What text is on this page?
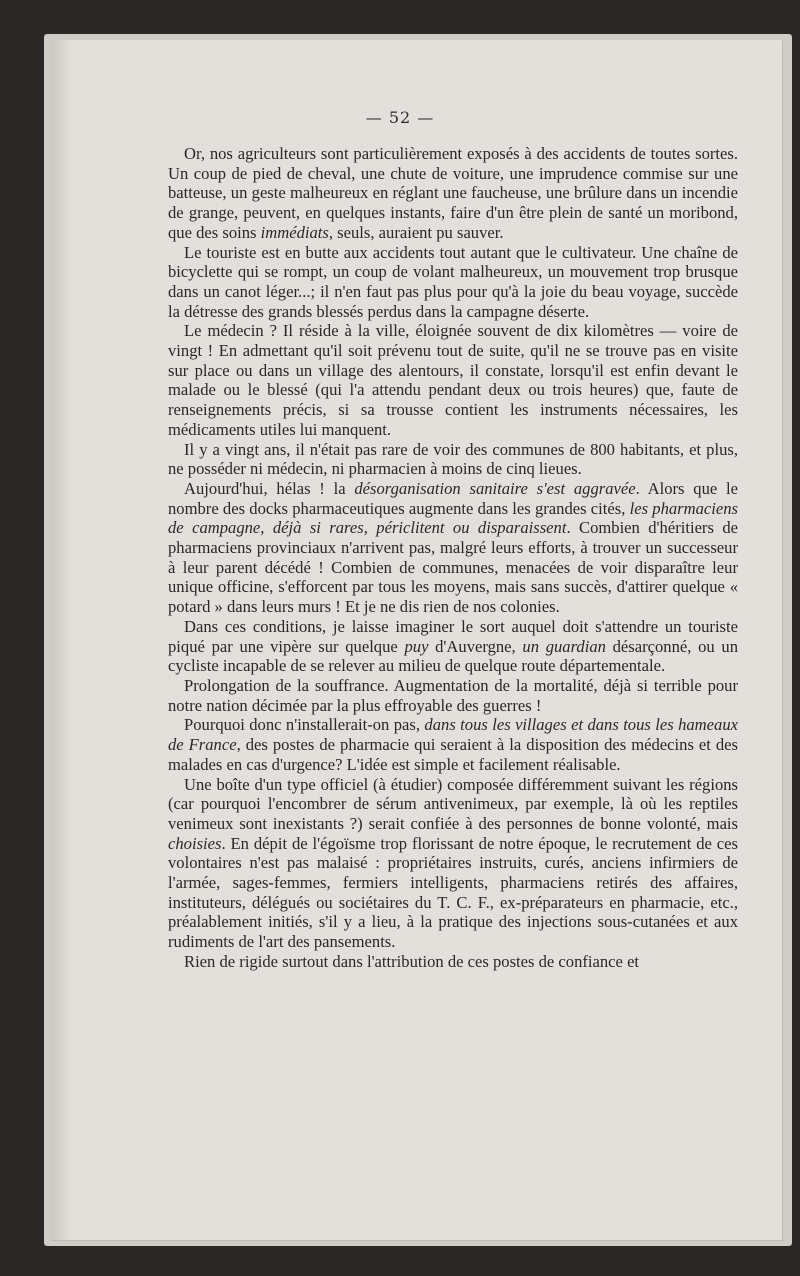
— 52 —

Or, nos agriculteurs sont particulièrement exposés à des accidents de toutes sortes. Un coup de pied de cheval, une chute de voiture, une imprudence commise sur une batteuse, un geste malheureux en réglant une faucheuse, une brûlure dans un incendie de grange, peuvent, en quelques instants, faire d'un être plein de santé un moribond, que des soins immédiats, seuls, auraient pu sauver.

Le touriste est en butte aux accidents tout autant que le cultivateur. Une chaîne de bicyclette qui se rompt, un coup de volant malheureux, un mouvement trop brusque dans un canot léger...; il n'en faut pas plus pour qu'à la joie du beau voyage, succède la détresse des grands blessés perdus dans la campagne déserte.

Le médecin ? Il réside à la ville, éloignée souvent de dix kilomètres — voire de vingt ! En admettant qu'il soit prévenu tout de suite, qu'il ne se trouve pas en visite sur place ou dans un village des alentours, il constate, lorsqu'il est enfin devant le malade ou le blessé (qui l'a attendu pendant deux ou trois heures) que, faute de renseignements précis, si sa trousse contient les instruments nécessaires, les médicaments utiles lui manquent.

Il y a vingt ans, il n'était pas rare de voir des communes de 800 habitants, et plus, ne posséder ni médecin, ni pharmacien à moins de cinq lieues.

Aujourd'hui, hélas ! la désorganisation sanitaire s'est aggravée. Alors que le nombre des docks pharmaceutiques augmente dans les grandes cités, les pharmaciens de campagne, déjà si rares, périclitent ou disparaissent. Combien d'héritiers de pharmaciens provinciaux n'arrivent pas, malgré leurs efforts, à trouver un successeur à leur parent décédé ! Combien de communes, menacées de voir disparaître leur unique officine, s'efforcent par tous les moyens, mais sans succès, d'attirer quelque « potard » dans leurs murs ! Et je ne dis rien de nos colonies.

Dans ces conditions, je laisse imaginer le sort auquel doit s'attendre un touriste piqué par une vipère sur quelque puy d'Auvergne, un guardian désarçonné, ou un cycliste incapable de se relever au milieu de quelque route départementale.

Prolongation de la souffrance. Augmentation de la mortalité, déjà si terrible pour notre nation décimée par la plus effroyable des guerres !

Pourquoi donc n'installerait-on pas, dans tous les villages et dans tous les hameaux de France, des postes de pharmacie qui seraient à la disposition des médecins et des malades en cas d'urgence? L'idée est simple et facilement réalisable.

Une boîte d'un type officiel (à étudier) composée différemment suivant les régions (car pourquoi l'encombrer de sérum antivenimeux, par exemple, là où les reptiles venimeux sont inexistants ?) serait confiée à des personnes de bonne volonté, mais choisies. En dépit de l'égoïsme trop florissant de notre époque, le recrutement de ces volontaires n'est pas malaisé : propriétaires instruits, curés, anciens infirmiers de l'armée, sages-femmes, fermiers intelligents, pharmaciens retirés des affaires, instituteurs, délégués ou sociétaires du T. C. F., ex-préparateurs en pharmacie, etc., préalablement initiés, s'il y a lieu, à la pratique des injections sous-cutanées et aux rudiments de l'art des pansements.

Rien de rigide surtout dans l'attribution de ces postes de confiance et
